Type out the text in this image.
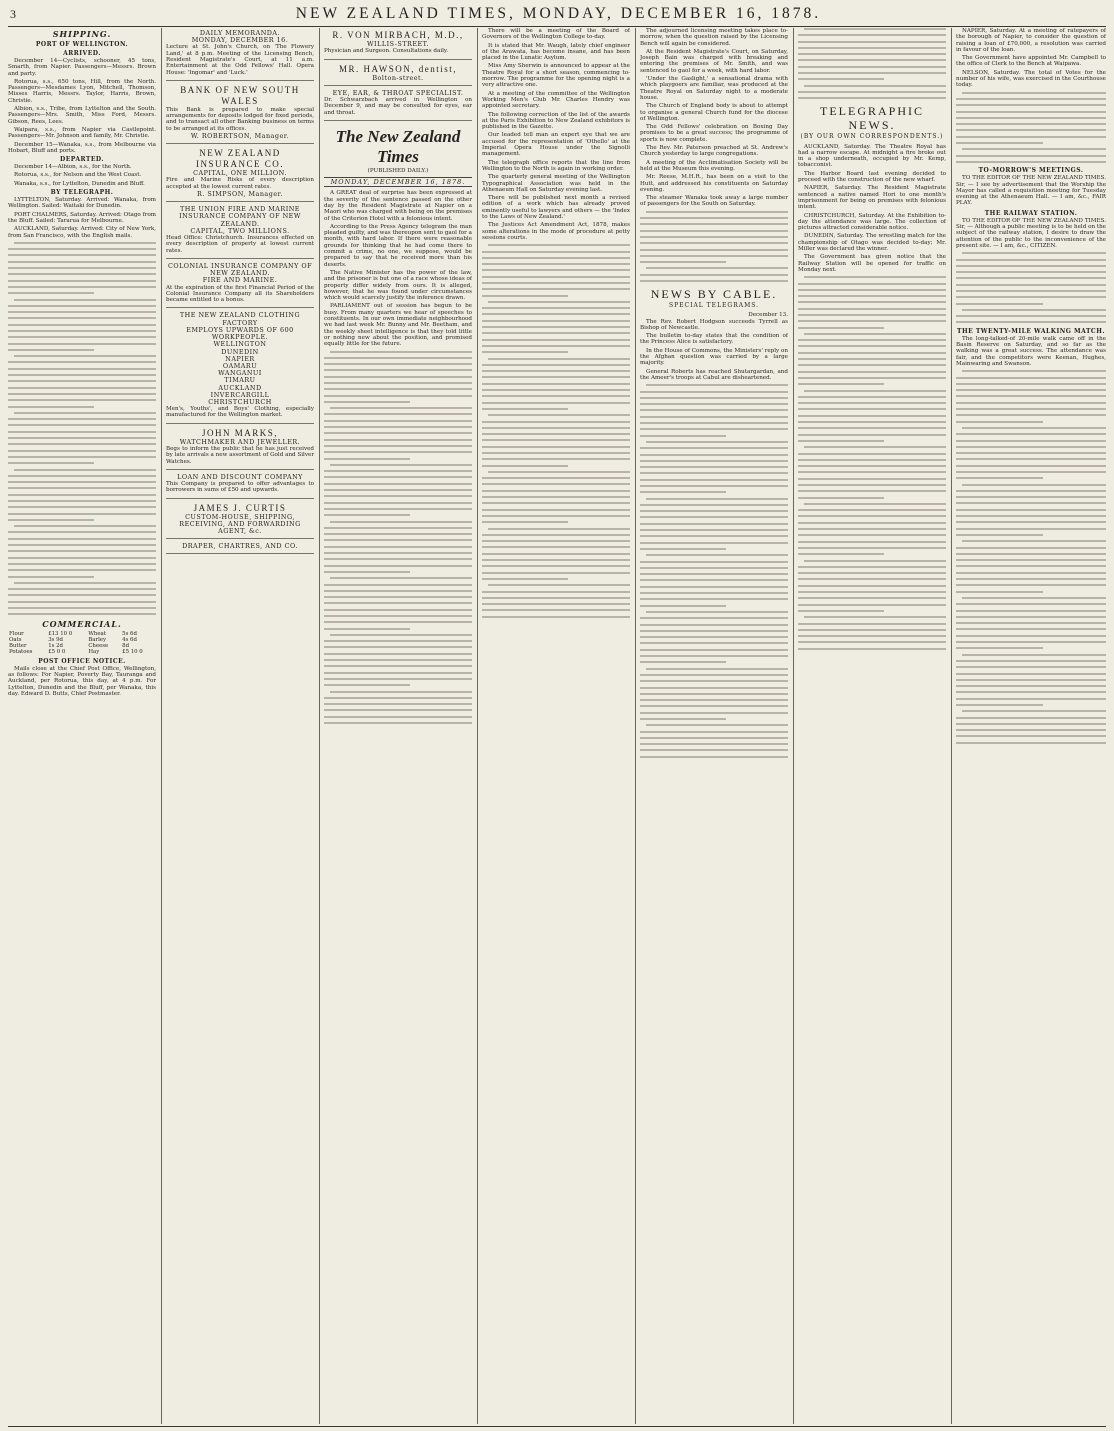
3	NEW ZEALAND TIMES, MONDAY, DECEMBER 16, 1878.

SHIPPING.
PORT OF WELLINGTON.
ARRIVED.

December 14—Cyclists, schooner, 45 tons, Smarth, from Napier. Passengers—Messrs. Brown and party.

Rotorua, s.s., 650 tons, Hill, from the North. Passengers—Mesdames Lyon, Mitchell, Thomson, Misses Harris, Messrs. Taylor, Harris, Brown, Christie.

Albion, s.s., Tribe, from Lyttelton and the South. Passengers—Mrs. Smith, Miss Ford, Messrs. Gibson, Rees, Lees.

Waipara, s.s., from Napier via Castlepoint. Passengers—Mr. Johnson and family, Mr. Christie.

December 15—Wanaka, s.s., from Melbourne via Hobart, Bluff and ports.

DEPARTED.

December 14—Albion, s.s., for the North.

Rotorua, s.s., for Nelson and the West Coast.

Wanaka, s.s., for Lyttelton, Dunedin and Bluff.

BY TELEGRAPH.

LYTTELTON, Saturday. Arrived: Wanaka, from Wellington. Sailed: Waitaki for Dunedin.

PORT CHALMERS, Saturday. Arrived: Otago from the Bluff. Sailed: Tararua for Melbourne.

AUCKLAND, Saturday. Arrived: City of New York, from San Francisco, with the English mails.

COMMERCIAL.
Flour	£13 10 0	Wheat	5s 6d
Oats	3s 9d	Barley	4s 6d
Butter	1s 2d	Cheese	8d
Potatoes	£5 0 0	Hay	£5 10 0
POST OFFICE NOTICE.

Mails close at the Chief Post Office, Wellington, as follows: For Napier, Poverty Bay, Tauranga and Auckland, per Rotorua, this day, at 4 p.m. For Lyttelton, Dunedin and the Bluff, per Wanaka, this day. Edward D. Butts, Chief Postmaster.

DAILY MEMORANDA.
MONDAY, DECEMBER 16.

Lecture at St. John's Church, on 'The Flowery Land,' at 8 p.m. Meeting of the Licensing Bench, Resident Magistrate's Court, at 11 a.m. Entertainment at the Odd Fellows' Hall. Opera House: 'Ingomar' and 'Luck.'

BANK OF NEW SOUTH WALES

This Bank is prepared to make special arrangements for deposits lodged for fixed periods, and to transact all other Banking business on terms to be arranged at its offices.

W. ROBERTSON, Manager.
NEW ZEALAND INSURANCE CO.
CAPITAL, ONE MILLION.

Fire and Marine Risks of every description accepted at the lowest current rates.

R. SIMPSON, Manager.
THE UNION FIRE AND MARINE INSURANCE COMPANY OF NEW ZEALAND.
CAPITAL, TWO MILLIONS.

Head Office: Christchurch. Insurances effected on every description of property at lowest current rates.

COLONIAL INSURANCE COMPANY OF NEW ZEALAND.
FIRE AND MARINE.

At the expiration of the first Financial Period of the Colonial Insurance Company all its Shareholders became entitled to a bonus.

THE NEW ZEALAND CLOTHING FACTORY
EMPLOYS UPWARDS OF 600 WORKPEOPLE.
WELLINGTON
DUNEDIN
NAPIER
OAMARU
WANGANUI
TIMARU
AUCKLAND
INVERCARGILL
CHRISTCHURCH

Men's, Youths', and Boys' Clothing, especially manufactured for the Wellington market.

JOHN MARKS,
WATCHMAKER AND JEWELLER.

Begs to inform the public that he has just received by late arrivals a new assortment of Gold and Silver Watches.

LOAN AND DISCOUNT COMPANY

This Company is prepared to offer advantages to borrowers in sums of £50 and upwards.

JAMES J. CURTIS
CUSTOM-HOUSE, SHIPPING, RECEIVING, AND FORWARDING AGENT, &c.
DRAPER, CHARTRES, AND CO.
R. VON MIRBACH, M.D.,
WILLIS-STREET.

Physician and Surgeon. Consultations daily.

MR. HAWSON, dentist,
Bolton-street.
EYE, EAR, & THROAT SPECIALIST.

Dr. Schwarzbach arrived in Wellington on December 9, and may be consulted for eyes, ear and throat.

The New Zealand Times
(PUBLISHED DAILY.)
MONDAY, DECEMBER 16, 1878.

A GREAT deal of surprise has been expressed at the severity of the sentence passed on the other day by the Resident Magistrate at Napier on a Maori who was charged with being on the premises of the Criterion Hotel with a felonious intent.

According to the Press Agency telegram the man pleaded guilty, and was thereupon sent to gaol for a month, with hard labor. If there were reasonable grounds for thinking that he had come there to commit a crime, no one, we suppose, would be prepared to say that he received more than his deserts.

The Native Minister has the power of the law, and the prisoner is but one of a race whose ideas of property differ widely from ours. It is alleged, however, that he was found under circumstances which would scarcely justify the inference drawn.

PARLIAMENT out of session has begun to be busy. From many quarters we hear of speeches to constituents. In our own immediate neighbourhood we had last week Mr. Bunny and Mr. Beetham, and the weekly sheet intelligence is that they told little or nothing new about the position, and promised equally little for the future.

There will be a meeting of the Board of Governors of the Wellington College to-day.

It is stated that Mr. Waugh, lately chief engineer of the Arawata, has become insane, and has been placed in the Lunatic Asylum.

Miss Amy Sherwin is announced to appear at the Theatre Royal for a short season, commencing to-morrow. The programme for the opening night is a very attractive one.

At a meeting of the committee of the Wellington Working Men's Club Mr. Charles Hendry was appointed secretary.

The following correction of the list of the awards at the Paris Exhibition to New Zealand exhibitors is published in the Gazette.

Our leaded tell man an expert eye that we are accused for the representation of 'Othello' at the Imperial Opera House under the Signolli management.

The telegraph office reports that the line from Wellington to the North is again in working order.

The quarterly general meeting of the Wellington Typographical Association was held in the Athenaeum Hall on Saturday evening last.

There will be published next month a revised edition of a work which has already proved eminently useful to lawyers and others — the 'Index to the Laws of New Zealand.'

The Justices Act Amendment Act, 1878, makes some alterations in the mode of procedure at petty sessions courts.

The adjourned licensing meeting takes place to-morrow, when the question raised by the Licensing Bench will again be considered.

At the Resident Magistrate's Court, on Saturday, Joseph Bain was charged with breaking and entering the premises of Mr. Smith, and was sentenced to gaol for a week, with hard labor.

'Under the Gaslight,' a sensational drama with which playgoers are familiar, was produced at the Theatre Royal on Saturday night to a moderate house.

The Church of England body is about to attempt to organise a general Church fund for the diocese of Wellington.

The Odd Fellows' celebration on Boxing Day promises to be a great success; the programme of sports is now complete.

The Rev. Mr. Paterson preached at St. Andrew's Church yesterday to large congregations.

A meeting of the Acclimatisation Society will be held at the Museum this evening.

Mr. Reese, M.H.R., has been on a visit to the Hutt, and addressed his constituents on Saturday evening.

The steamer Wanaka took away a large number of passengers for the South on Saturday.

NEWS BY CABLE.
SPECIAL TELEGRAMS.
December 13.

The Rev. Robert Hodgson succeeds Tyrrell as Bishop of Newcastle.

The bulletin to-day states that the condition of the Princess Alice is satisfactory.

In the House of Commons, the Ministers' reply on the Afghan question was carried by a large majority.

General Roberts has reached Shutargardan, and the Ameer's troops at Cabul are disheartened.

TELEGRAPHIC NEWS.
(BY OUR OWN CORRESPONDENTS.)

AUCKLAND, Saturday. The Theatre Royal has had a narrow escape. At midnight a fire broke out in a shop underneath, occupied by Mr. Kemp, tobacconist.

The Harbor Board last evening decided to proceed with the construction of the new wharf.

NAPIER, Saturday. The Resident Magistrate sentenced a native named Hori to one month's imprisonment for being on premises with felonious intent.

CHRISTCHURCH, Saturday. At the Exhibition to-day the attendance was large. The collection of pictures attracted considerable notice.

DUNEDIN, Saturday. The wrestling match for the championship of Otago was decided to-day; Mr. Miller was declared the winner.

The Government has given notice that the Railway Station will be opened for traffic on Monday next.

NAPIER, Saturday. At a meeting of ratepayers of the borough of Napier, to consider the question of raising a loan of £70,000, a resolution was carried in favour of the loan.

The Government have appointed Mr. Campbell to the office of Clerk to the Bench at Waipawa.

NELSON, Saturday. The total of Votes for the number of his wife, was exercised in the Courthouse today.

TO-MORROW'S MEETINGS.

TO THE EDITOR OF THE NEW ZEALAND TIMES. Sir, — I see by advertisement that the Worship the Mayor has called a requisition meeting for Tuesday evening at the Athenaeum Hall. — I am, &c., FAIR PLAY.

THE RAILWAY STATION.

TO THE EDITOR OF THE NEW ZEALAND TIMES. Sir, — Although a public meeting is to be held on the subject of the railway station, I desire to draw the attention of the public to the inconvenience of the present site. — I am, &c., CITIZEN.

THE TWENTY-MILE WALKING MATCH.

The long-talked-of 20-mile walk came off in the Basin Reserve on Saturday, and so far as the walking was a great success. The attendance was fair, and the competitors were Keenan, Hughes, Mainwaring and Swanson.
